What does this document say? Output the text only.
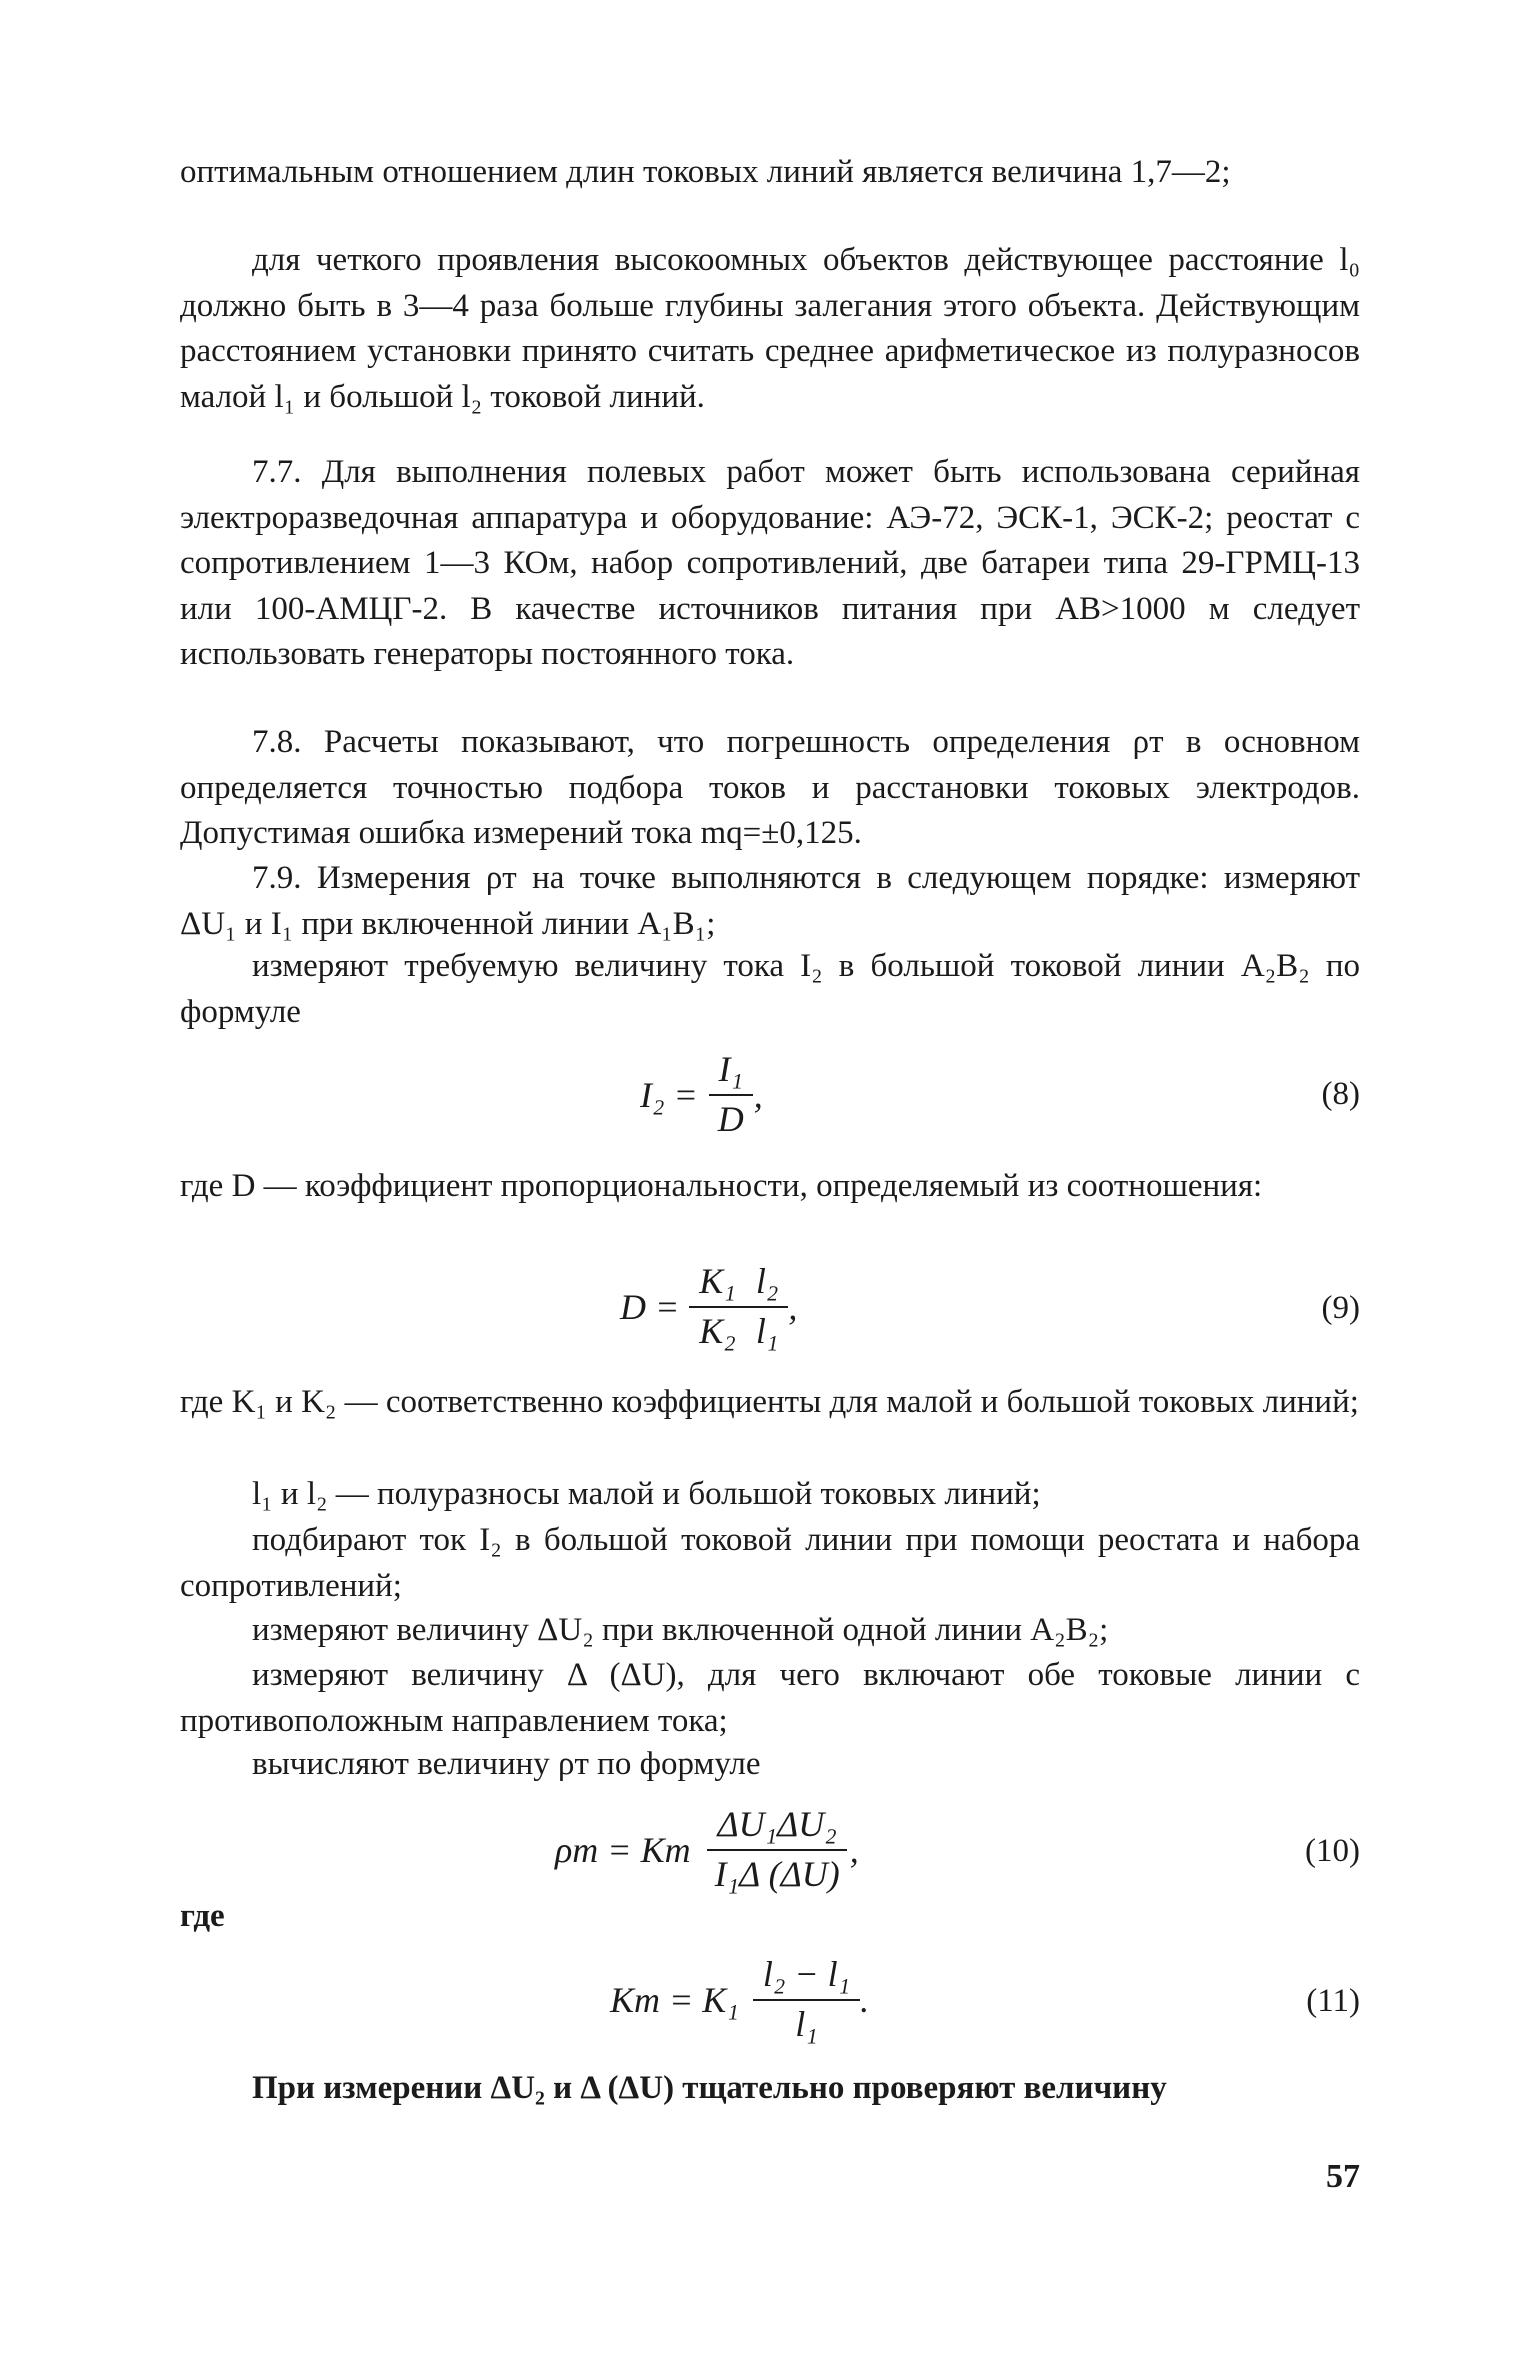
оптимальным отношением длин токовых линий является величина 1,7—2;

для четкого проявления высокоомных объектов действующее расстояние l₀ должно быть в 3—4 раза больше глубины залегания этого объекта. Действующим расстоянием установки принято считать среднее арифметическое из полуразносов малой l₁ и большой l₂ токовой линий.

7.7. Для выполнения полевых работ может быть использована серийная электроразведочная аппаратура и оборудование: АЭ-72, ЭСК-1, ЭСК-2; реостат с сопротивлением 1—3 КОм, набор сопротивлений, две батареи типа 29-ГРМЦ-13 или 100-АМЦГ-2. В качестве источников питания при AB>1000 м следует использовать генераторы постоянного тока.

7.8. Расчеты показывают, что погрешность определения ρт в основном определяется точностью подбора токов и расстановки токовых электродов. Допустимая ошибка измерений тока mq=±0,125.

7.9. Измерения ρт на точке выполняются в следующем порядке: измеряют ΔU₁ и I₁ при включенной линии A₁B₁;

измеряют требуемую величину тока I₂ в большой токовой линии A₂B₂ по формуле

$I_2 = \frac{\text{I₁}}{D}$ ,	(8)

где D — коэффициент пропорциональности, определяемый из соотношения:

$D = \frac{\text{K₁}}{\text{K₂}} \frac{\text{l₂}}{\text{l₁}}$ ,	(9)

где K₁ и K₂ — соответственно коэффициенты для малой и большой токовых линий;

l₁ и l₂ — полуразносы малой и большой токовых линий;

подбирают ток I₂ в большой токовой линии при помощи реостата и набора сопротивлений;

измеряют величину ΔU₂ при включенной одной линии A₂B₂;

измеряют величину Δ (ΔU), для чего включают обе токовые линии с противоположным направлением тока;

вычисляют величину ρт по формуле

ρт = Kт $\frac{\text{ΔU₁ΔU₂}}{\text{I₁Δ (ΔU)}}$ ,	(10)
где
Kт = $K_1 \frac{\text{l₂ − l₁}}{\text{l₁}}$ .	(11)

При измерении ΔU₂ и Δ (ΔU) тщательно проверяют величину

57
